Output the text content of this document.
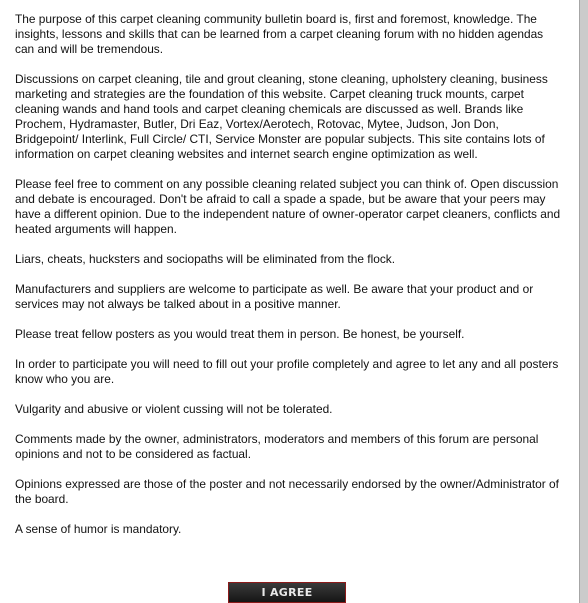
The purpose of this carpet cleaning community bulletin board is, first and foremost, knowledge. The insights, lessons and skills that can be learned from a carpet cleaning forum with no hidden agendas can and will be tremendous.

Discussions on carpet cleaning, tile and grout cleaning, stone cleaning, upholstery cleaning, business marketing and strategies are the foundation of this website. Carpet cleaning truck mounts, carpet cleaning wands and hand tools and carpet cleaning chemicals are discussed as well. Brands like Prochem, Hydramaster, Butler, Dri Eaz, Vortex/Aerotech, Rotovac, Mytee, Judson, Jon Don, Bridgepoint/ Interlink, Full Circle/ CTI, Service Monster are popular subjects. This site contains lots of information on carpet cleaning websites and internet search engine optimization as well.

Please feel free to comment on any possible cleaning related subject you can think of. Open discussion and debate is encouraged. Don't be afraid to call a spade a spade, but be aware that your peers may have a different opinion. Due to the independent nature of owner-operator carpet cleaners, conflicts and heated arguments will happen.

Liars, cheats, hucksters and sociopaths will be eliminated from the flock.

Manufacturers and suppliers are welcome to participate as well. Be aware that your product and or services may not always be talked about in a positive manner.

Please treat fellow posters as you would treat them in person. Be honest, be yourself.

In order to participate you will need to fill out your profile completely and agree to let any and all posters know who you are.

Vulgarity and abusive or violent cussing will not be tolerated.

Comments made by the owner, administrators, moderators and members of this forum are personal opinions and not to be considered as factual.

Opinions expressed are those of the poster and not necessarily endorsed by the owner/Administrator of the board.

A sense of humor is mandatory.

I AGREE
